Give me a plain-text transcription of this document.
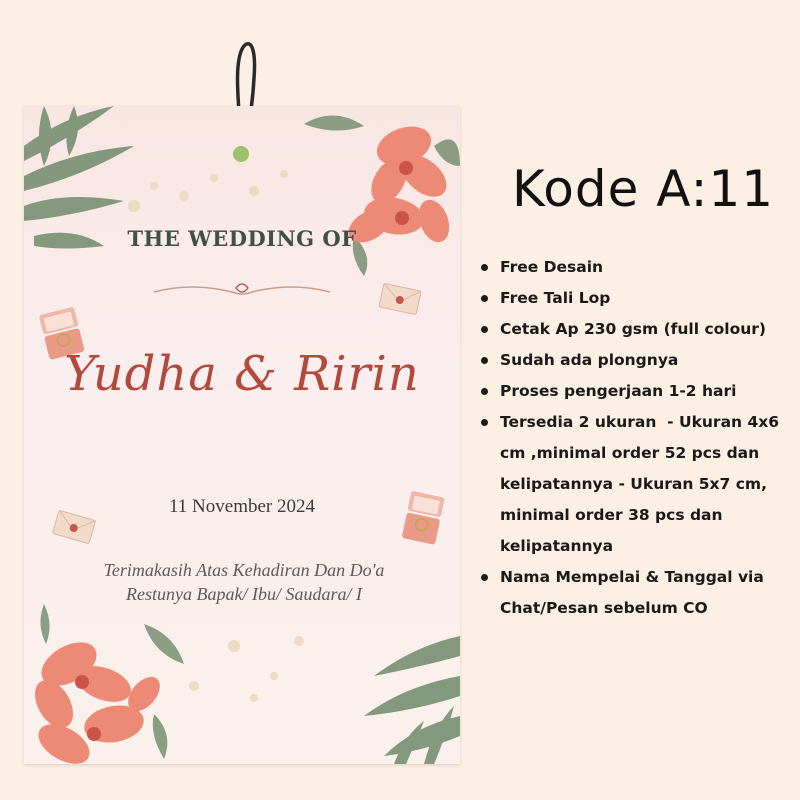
THE WEDDING OF
Yudha & Ririn
11 November 2024
Terimakasih Atas Kehadiran Dan Do'a
Restunya Bapak/ Ibu/ Saudara/ I
Kode A:11
Free Desain
Free Tali Lop
Cetak Ap 230 gsm (full colour)
Sudah ada plongnya
Proses pengerjaan 1-2 hari
Tersedia 2 ukuran  - Ukuran 4x6 cm ,minimal order 52 pcs dan kelipatannya - Ukuran 5x7 cm, minimal order 38 pcs dan kelipatannya
Nama Mempelai & Tanggal via Chat/Pesan sebelum CO
